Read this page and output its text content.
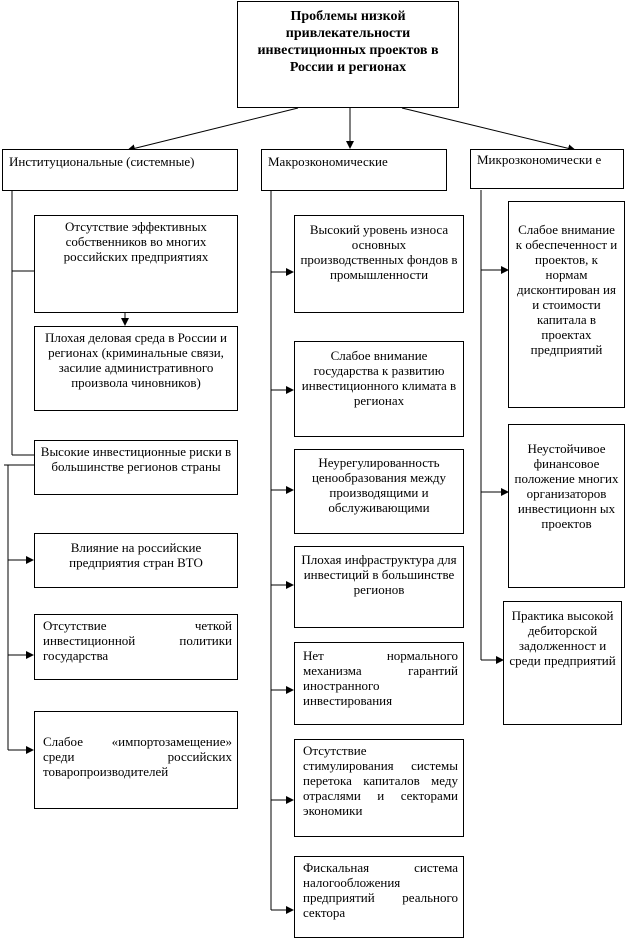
Проблемы низкой привлекательности инвестиционных проектов в России и регионах
Институциональные (системные)	Макрозкономические	Микрозкономически е
Отсутствие эффективных собственников во многих российских предприятиях
Плохая деловая среда в России и регионах (криминальные связи, засилие административного произвола чиновников)
Высокие инвестиционные риски в большинстве регионов страны
Влияние на российские предприятия стран ВТО
Отсутствие четкой инвестиционной политики государства
Слабое «импортозамещение» среди российских товаропроизводителей
Высокий уровень износа основных производственных фондов в промышленности
Слабое внимание государства к развитию инвестиционного климата в регионах
Неурегулированность ценообразования между производящими и обслуживающими
Плохая инфраструктура для инвестиций в большинстве регионов
Нет нормального механизма гарантий иностранного инвестирования
Отсутствие стимулирования системы перетока капиталов меду отраслями и секторами экономики
Фискальная система налогообложения предприятий реального сектора
Слабое внимание к обеспеченност и проектов, к нормам дисконтирован ия и стоимости капитала в проектах предприятий
Неустойчивое финансовое положение многих организаторов инвестиционн ых проектов
Практика высокой дебиторской задолженност и среди предприятий
